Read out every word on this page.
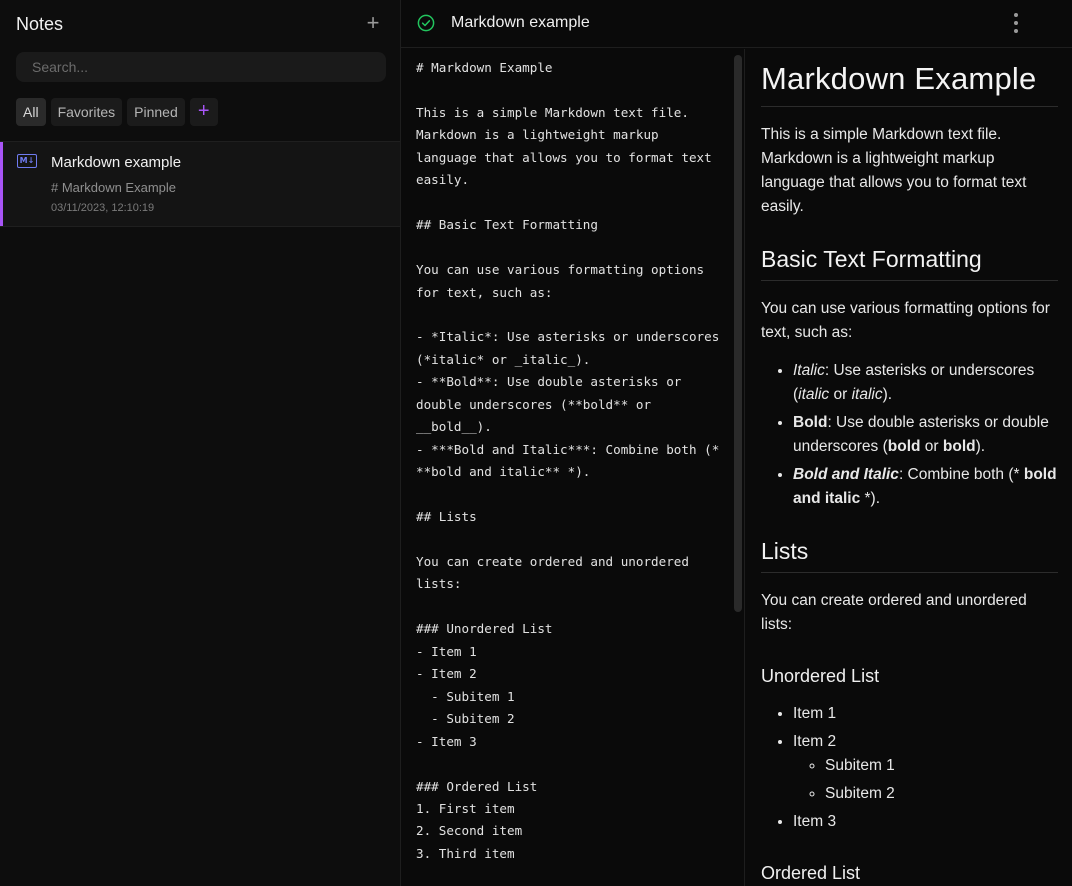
Notes	+
Search...
All	Favorites	Pinned	+
M↓ Markdown example
# Markdown Example
03/11/2023, 12:10:19
Markdown example
# Markdown Example

This is a simple Markdown text file.
Markdown is a lightweight markup
language that allows you to format text
easily.

## Basic Text Formatting

You can use various formatting options
for text, such as:

- *Italic*: Use asterisks or underscores
(*italic* or _italic_).
- **Bold**: Use double asterisks or
double underscores (**bold** or
__bold__).
- ***Bold and Italic***: Combine both (*
**bold and italic** *).

## Lists

You can create ordered and unordered
lists:

### Unordered List
- Item 1
- Item 2
- Subitem 1
- Subitem 2
- Item 3

### Ordered List
1. First item
2. Second item
3. Third item
Markdown Example

This is a simple Markdown text file. Markdown is a lightweight markup language that allows you to format text easily.

Basic Text Formatting

You can use various formatting options for text, such as:

• Italic: Use asterisks or underscores (italic or italic).
• Bold: Use double asterisks or double underscores (bold or bold).
• Bold and Italic: Combine both (* bold and italic *).
Lists

You can create ordered and unordered lists:

Unordered List
• Item 1
• Item 2
◦ Subitem 1
◦ Subitem 2
• Item 3
Ordered List
